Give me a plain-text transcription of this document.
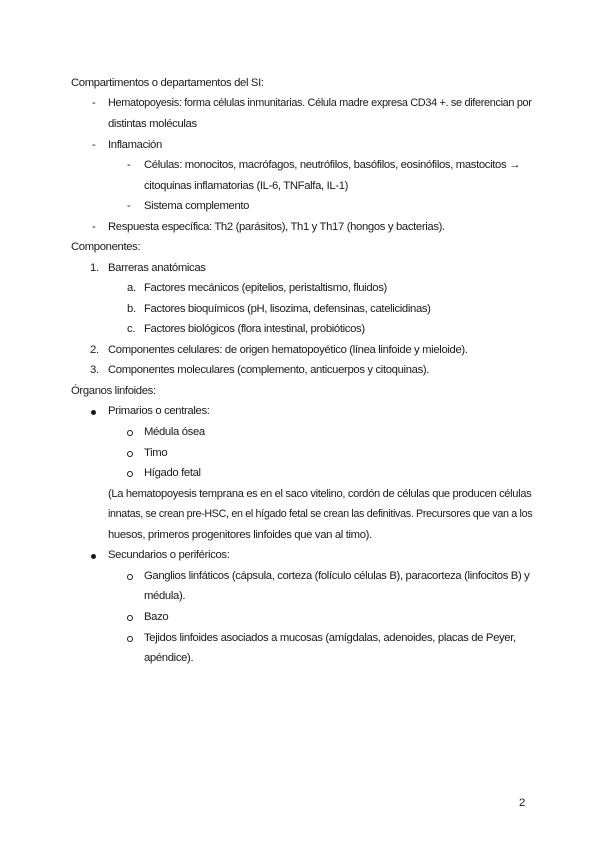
Compartimentos o departamentos del SI:
- Hematopoyesis: forma células inmunitarias. Célula madre expresa CD34 +. se diferencian por
distintas moléculas
- Inflamación
- Células: monocitos, macrófagos, neutrófilos, basófilos, eosinófilos, mastocitos →
citoquinas inflamatorias (IL-6, TNFalfa, IL-1)
- Sistema complemento
- Respuesta específica: Th2 (parásitos), Th1 y Th17 (hongos y bacterias).
Componentes:
1. Barreras anatómicas
a. Factores mecánicos (epitelios, peristaltismo, fluidos)
b. Factores bioquímicos (pH, lisozima, defensinas, catelicidinas)
c. Factores biológicos (flora intestinal, probióticos)
2. Componentes celulares: de origen hematopoyético (línea linfoide y mieloide).
3. Componentes moleculares (complemento, anticuerpos y citoquinas).
Órganos linfoides:
Primarios o centrales:
Médula ósea
Timo
Hígado fetal
(La hematopoyesis temprana es en el saco vitelino, cordón de células que producen células
innatas, se crean pre-HSC, en el hígado fetal se crean las definitivas. Precursores que van a los
huesos, primeros progenitores linfoides que van al timo).
Secundarios o periféricos:
Ganglios linfáticos (cápsula, corteza (folículo células B), paracorteza (linfocitos B) y
médula).
Bazo
Tejidos linfoides asociados a mucosas (amígdalas, adenoides, placas de Peyer,
apéndice).
2
